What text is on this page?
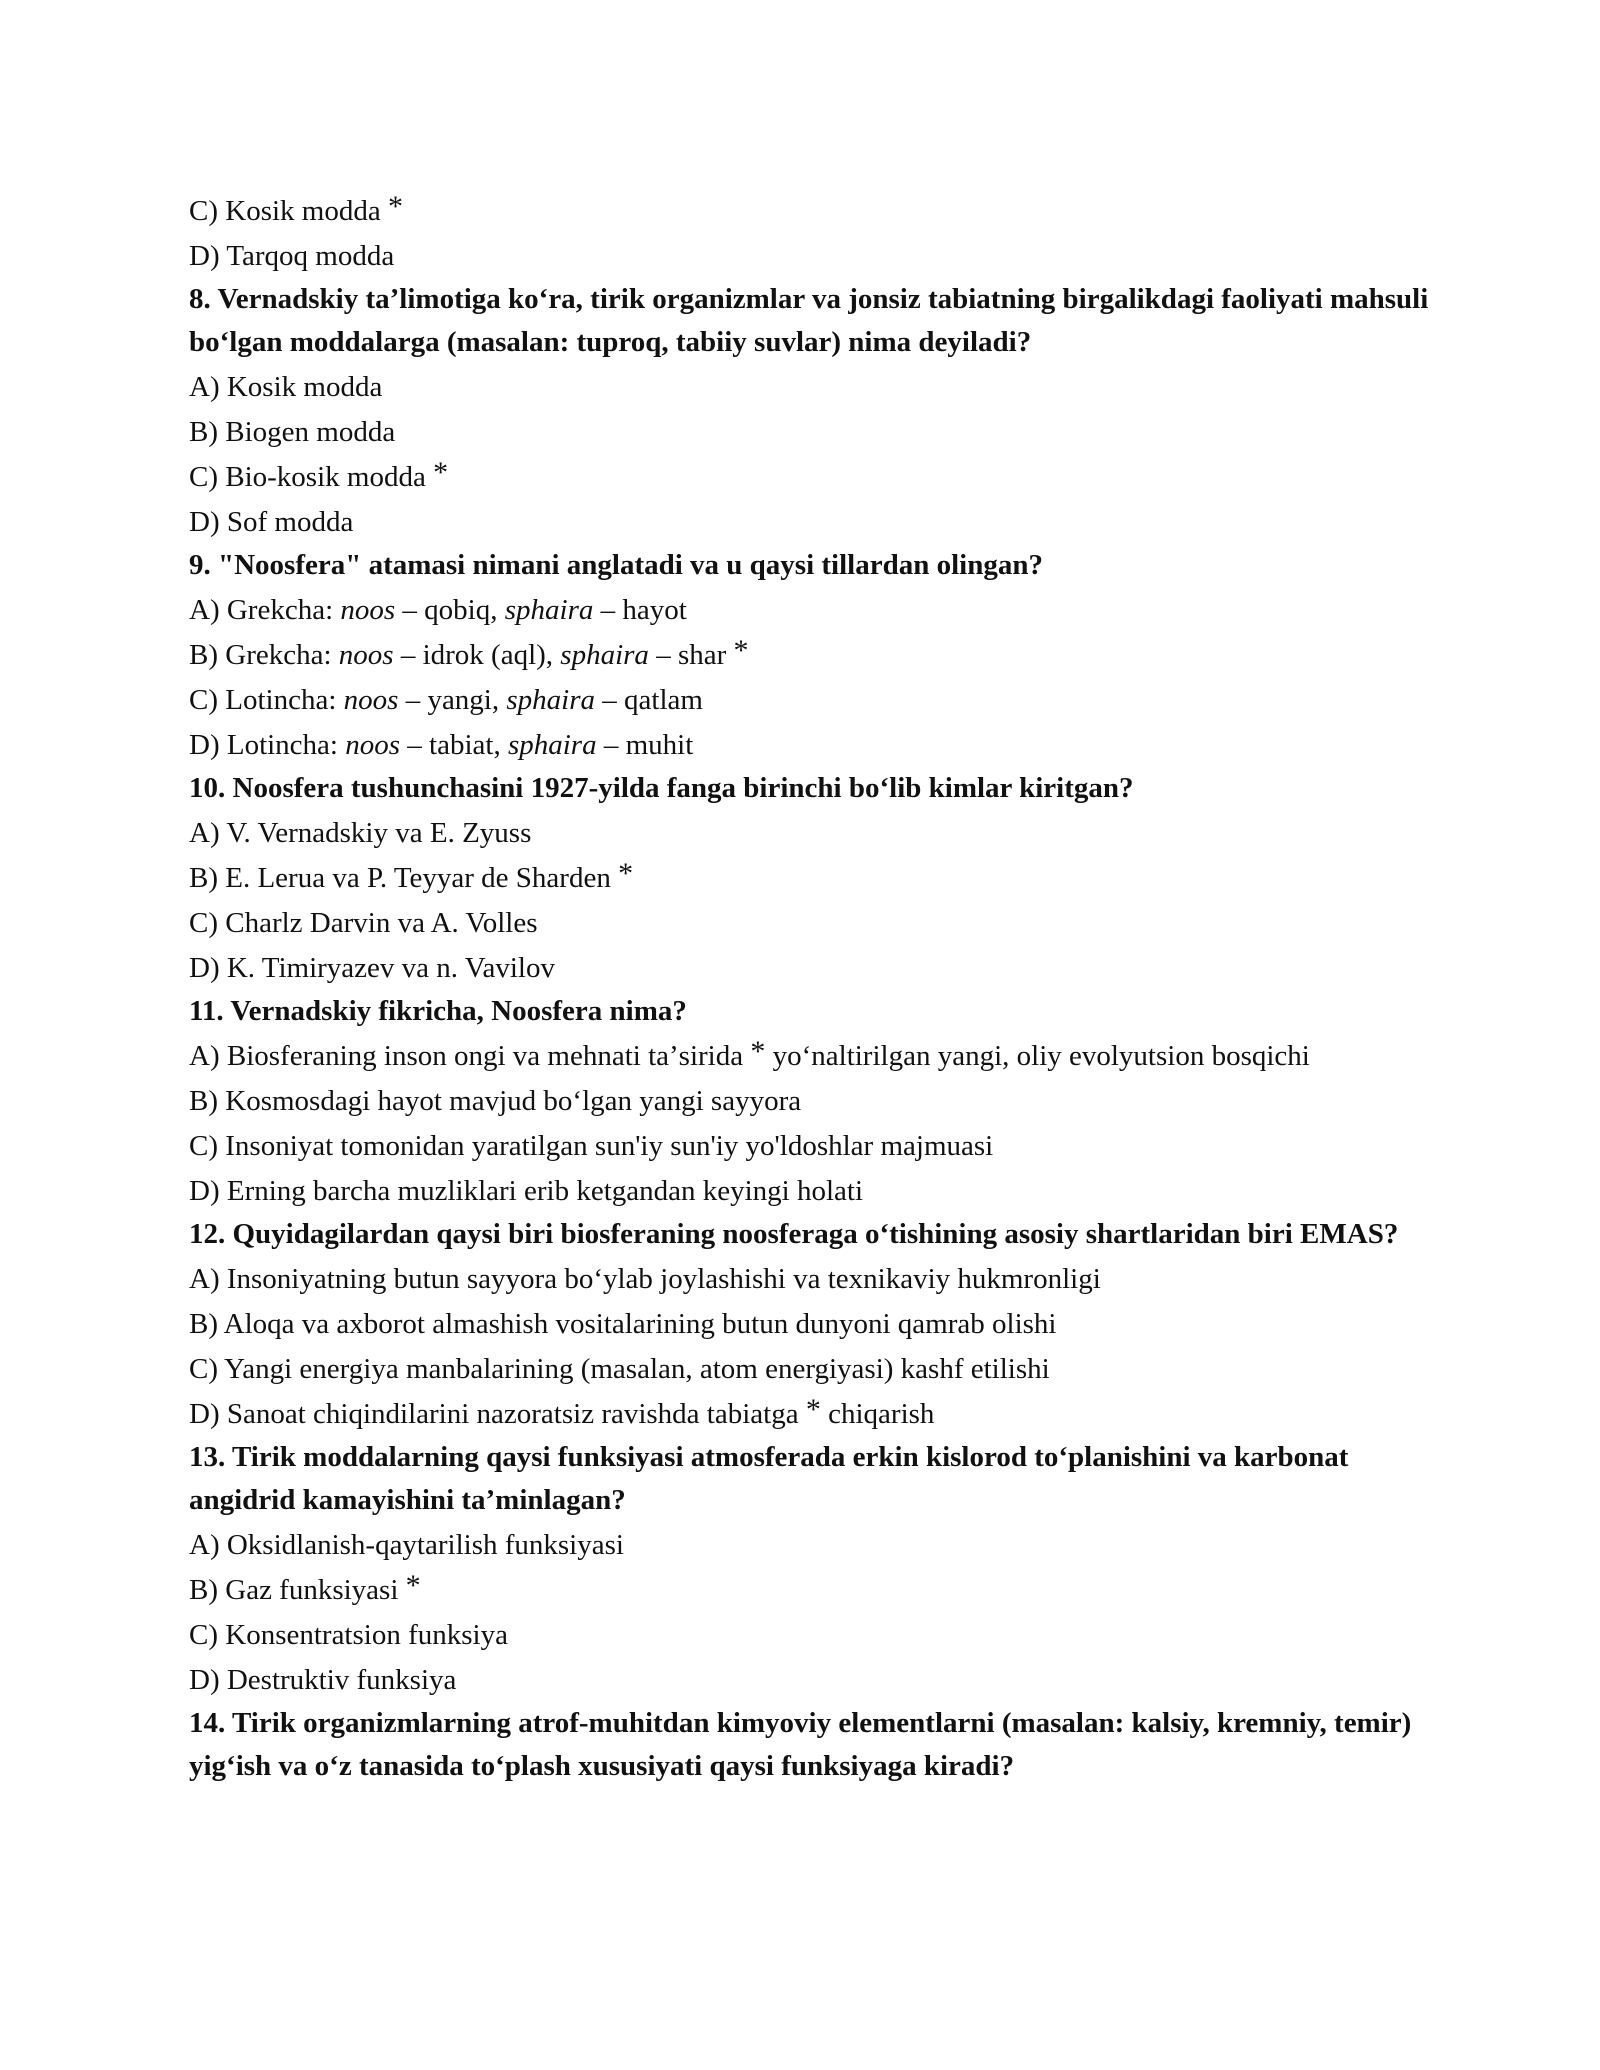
C) Kosik modda *
D) Tarqoq modda
8. Vernadskiy taʼlimotiga koʻra, tirik organizmlar va jonsiz tabiatning birgalikdagi faoliyati mahsuli boʻlgan moddalarga (masalan: tuproq, tabiiy suvlar) nima deyiladi?
A) Kosik modda
B) Biogen modda
C) Bio-kosik modda *
D) Sof modda
9. "Noosfera" atamasi nimani anglatadi va u qaysi tillardan olingan?
A) Grekcha: noos – qobiq, sphaira – hayot
B) Grekcha: noos – idrok (aql), sphaira – shar *
C) Lotincha: noos – yangi, sphaira – qatlam
D) Lotincha: noos – tabiat, sphaira – muhit
10. Noosfera tushunchasini 1927-yilda fanga birinchi boʻlib kimlar kiritgan?
A) V. Vernadskiy va E. Zyuss
B) E. Lerua va P. Teyyar de Sharden *
C) Charlz Darvin va A. Volles
D) K. Timiryazev va n. Vavilov
11. Vernadskiy fikricha, Noosfera nima?
A) Biosferaning inson ongi va mehnati taʼsirida * yoʻnaltirilgan yangi, oliy evolyutsion bosqichi
B) Kosmosdagi hayot mavjud boʻlgan yangi sayyora
C) Insoniyat tomonidan yaratilgan sun'iy sun'iy yo'ldoshlar majmuasi
D) Erning barcha muzliklari erib ketgandan keyingi holati
12. Quyidagilardan qaysi biri biosferaning noosferaga oʻtishining asosiy shartlaridan biri EMAS?
A) Insoniyatning butun sayyora boʻylab joylashishi va texnikaviy hukmronligi
B) Aloqa va axborot almashish vositalarining butun dunyoni qamrab olishi
C) Yangi energiya manbalarining (masalan, atom energiyasi) kashf etilishi
D) Sanoat chiqindilarini nazoratsiz ravishda tabiatga * chiqarish
13. Tirik moddalarning qaysi funksiyasi atmosferada erkin kislorod toʻplanishini va karbonat angidrid kamayishini taʼminlagan?
A) Oksidlanish-qaytarilish funksiyasi
B) Gaz funksiyasi *
C) Konsentratsion funksiya
D) Destruktiv funksiya
14. Tirik organizmlarning atrof-muhitdan kimyoviy elementlarni (masalan: kalsiy, kremniy, temir) yigʻish va oʻz tanasida toʻplash xususiyati qaysi funksiyaga kiradi?
